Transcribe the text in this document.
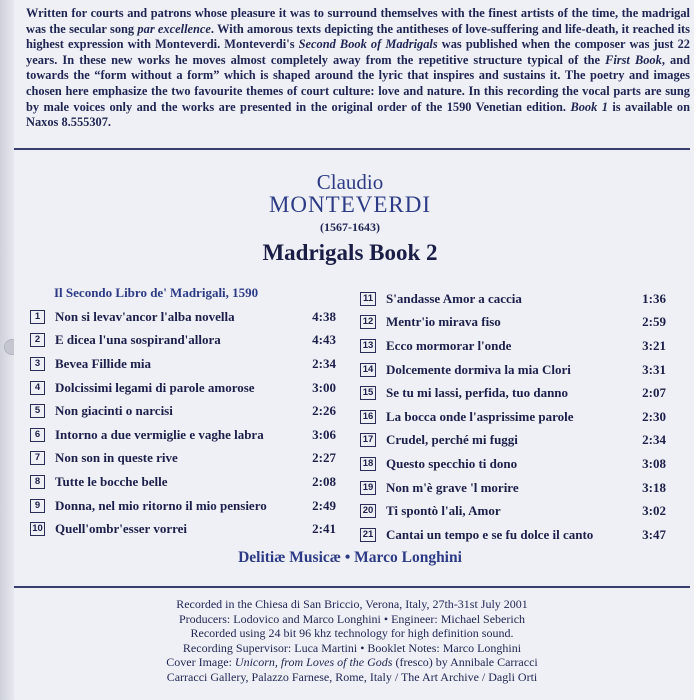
Written for courts and patrons whose pleasure it was to surround themselves with the finest artists of the time, the madrigal was the secular song par excellence. With amorous texts depicting the antitheses of love-suffering and life-death, it reached its highest expression with Monteverdi. Monteverdi's Second Book of Madrigals was published when the composer was just 22 years. In these new works he moves almost completely away from the repetitive structure typical of the First Book, and towards the “form without a form” which is shaped around the lyric that inspires and sustains it. The poetry and images chosen here emphasize the two favourite themes of court culture: love and nature. In this recording the vocal parts are sung by male voices only and the works are presented in the original order of the 1590 Venetian edition. Book 1 is available on Naxos 8.555307.
Claudio
MONTEVERDI
(1567-1643)
Madrigals Book 2
Il Secondo Libro de' Madrigali, 1590
1	Non si levav'ancor l'alba novella	4:38
2	E dicea l'una sospirand'allora	4:43
3	Bevea Fillide mia	2:34
4	Dolcissimi legami di parole amorose	3:00
5	Non giacinti o narcisi	2:26
6	Intorno a due vermiglie e vaghe labra	3:06
7	Non son in queste rive	2:27
8	Tutte le bocche belle	2:08
9	Donna, nel mio ritorno il mio pensiero	2:49
10 Quell'ombr'esser vorrei	2:41
11 S'andasse Amor a caccia	1:36
12 Mentr'io mirava fiso	2:59
13 Ecco mormorar l'onde	3:21
14 Dolcemente dormiva la mia Clori	3:31
15 Se tu mi lassi, perfida, tuo danno	2:07
16 La bocca onde l'asprissime parole	2:30
17 Crudel, perché mi fuggi	2:34
18 Questo specchio ti dono	3:08
19 Non m'è grave 'l morire	3:18
20 Ti spontò l'ali, Amor	3:02
21 Cantai un tempo e se fu dolce il canto	3:47
Delitiæ Musicæ • Marco Longhini
Recorded in the Chiesa di San Briccio, Verona, Italy, 27th-31st July 2001
Producers: Lodovico and Marco Longhini • Engineer: Michael Seberich
Recorded using 24 bit 96 khz technology for high definition sound.
Recording Supervisor: Luca Martini • Booklet Notes: Marco Longhini
Cover Image: Unicorn, from Loves of the Gods (fresco) by Annibale Carracci
Carracci Gallery, Palazzo Farnese, Rome, Italy / The Art Archive / Dagli Orti
